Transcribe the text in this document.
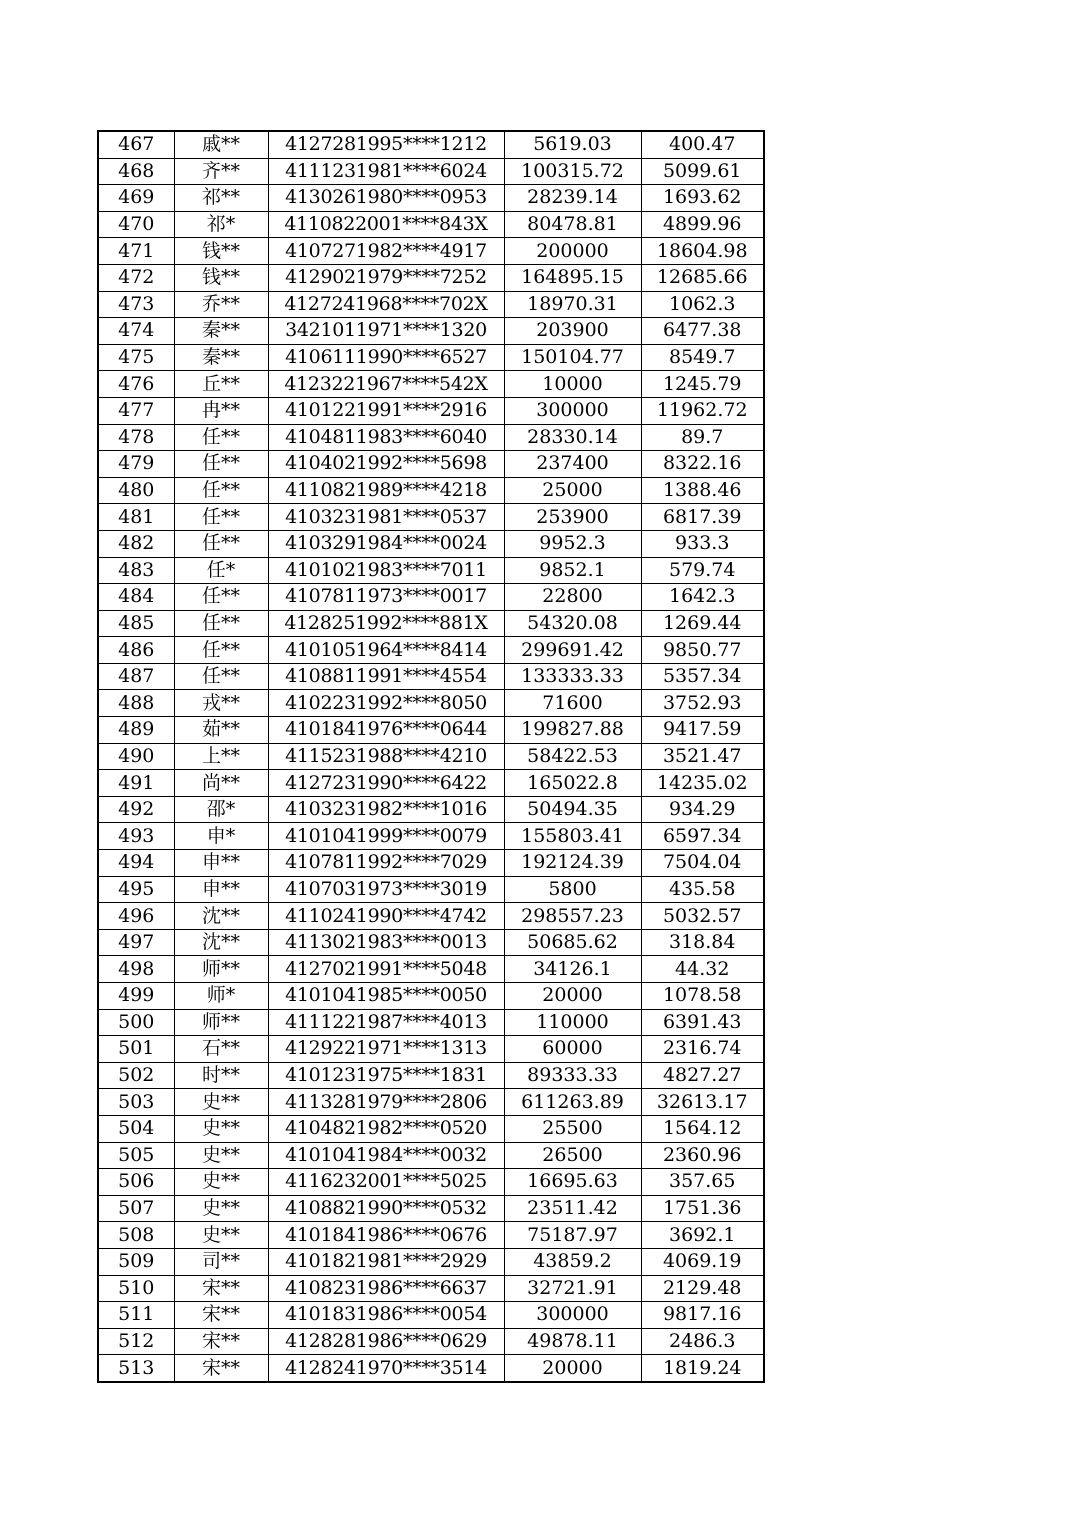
467	戚**	4127281995****1212	5619.03	400.47
468	齐**	4111231981****6024	100315.72	5099.61
469	祁**	4130261980****0953	28239.14	1693.62
470	祁*	4110822001****843X	80478.81	4899.96
471	钱**	4107271982****4917	200000	18604.98
472	钱**	4129021979****7252	164895.15	12685.66
473	乔**	4127241968****702X	18970.31	1062.3
474	秦**	3421011971****1320	203900	6477.38
475	秦**	4106111990****6527	150104.77	8549.7
476	丘**	4123221967****542X	10000	1245.79
477	冉**	4101221991****2916	300000	11962.72
478	任**	4104811983****6040	28330.14	89.7
479	任**	4104021992****5698	237400	8322.16
480	任**	4110821989****4218	25000	1388.46
481	任**	4103231981****0537	253900	6817.39
482	任**	4103291984****0024	9952.3	933.3
483	任*	4101021983****7011	9852.1	579.74
484	任**	4107811973****0017	22800	1642.3
485	任**	4128251992****881X	54320.08	1269.44
486	任**	4101051964****8414	299691.42	9850.77
487	任**	4108811991****4554	133333.33	5357.34
488	戎**	4102231992****8050	71600	3752.93
489	茹**	4101841976****0644	199827.88	9417.59
490	上**	4115231988****4210	58422.53	3521.47
491	尚**	4127231990****6422	165022.8	14235.02
492	邵*	4103231982****1016	50494.35	934.29
493	申*	4101041999****0079	155803.41	6597.34
494	申**	4107811992****7029	192124.39	7504.04
495	申**	4107031973****3019	5800	435.58
496	沈**	4110241990****4742	298557.23	5032.57
497	沈**	4113021983****0013	50685.62	318.84
498	师**	4127021991****5048	34126.1	44.32
499	师*	4101041985****0050	20000	1078.58
500	师**	4111221987****4013	110000	6391.43
501	石**	4129221971****1313	60000	2316.74
502	时**	4101231975****1831	89333.33	4827.27
503	史**	4113281979****2806	611263.89	32613.17
504	史**	4104821982****0520	25500	1564.12
505	史**	4101041984****0032	26500	2360.96
506	史**	4116232001****5025	16695.63	357.65
507	史**	4108821990****0532	23511.42	1751.36
508	史**	4101841986****0676	75187.97	3692.1
509	司**	4101821981****2929	43859.2	4069.19
510	宋**	4108231986****6637	32721.91	2129.48
511	宋**	4101831986****0054	300000	9817.16
512	宋**	4128281986****0629	49878.11	2486.3
513	宋**	4128241970****3514	20000	1819.24
